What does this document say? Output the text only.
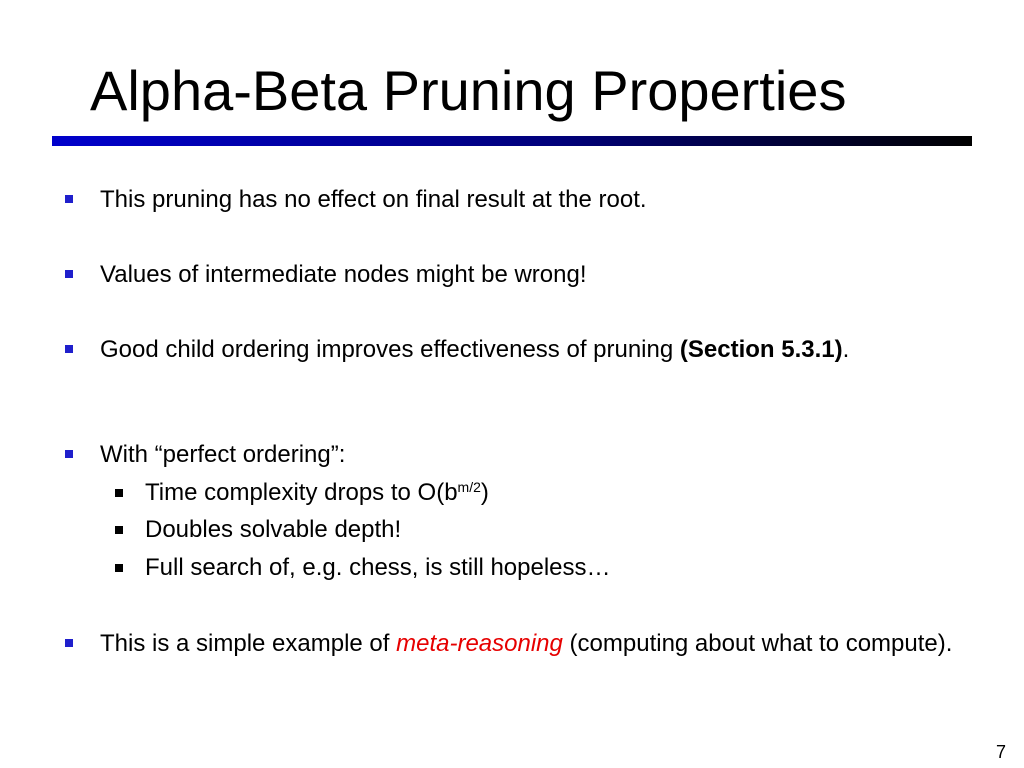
Alpha-Beta Pruning Properties
This pruning has no effect on final result at the root.
Values of intermediate nodes might be wrong!
Good child ordering improves effectiveness of pruning (Section 5.3.1).
With “perfect ordering”:
Time complexity drops to $O(b^{m/2})$
Doubles solvable depth!
Full search of, e.g. chess, is still hopeless…
This is a simple example of meta-reasoning (computing about what to compute).
7
